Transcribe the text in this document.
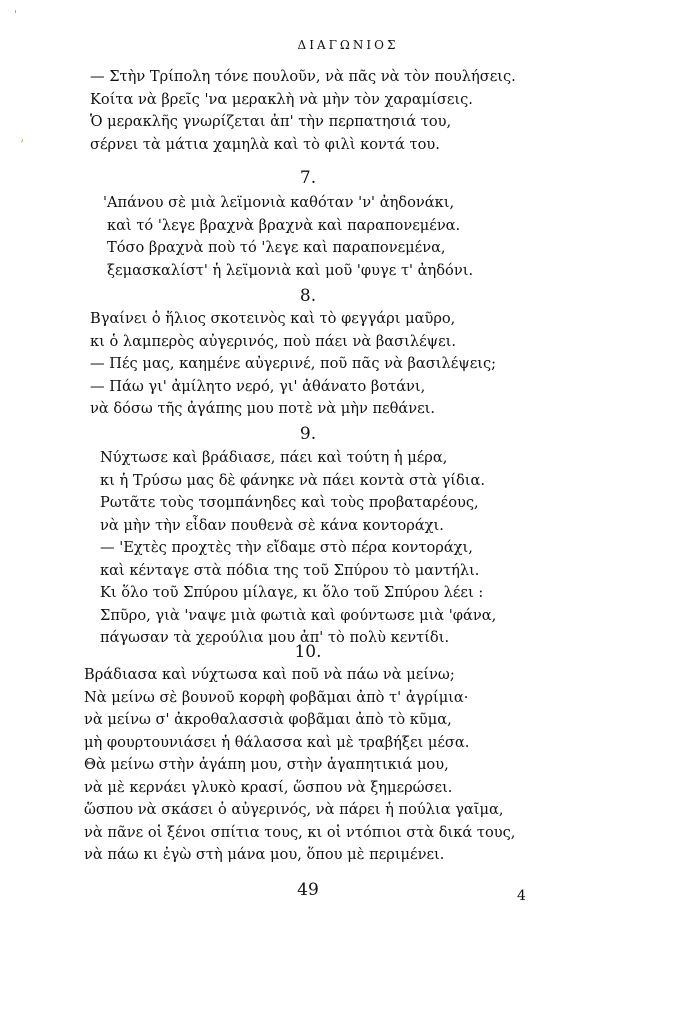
'
’
ΔΙΑΓΩΝΙΟΣ
— Στὴν Τρίπολη τόνε πουλοῦν, νὰ πᾶς νὰ τὸν πουλήσεις.
Κοίτα νὰ βρεῖς 'να μερακλὴ νὰ μὴν τὸν χαραμίσεις.
Ὁ μερακλῆς γνωρίζεται ἀπ' τὴν περπατησιά του,
σέρνει τὰ μάτια χαμηλὰ καὶ τὸ φιλὶ κοντά του.
7.
'Απάνου σὲ μιὰ λεϊμονιὰ καθόταν 'ν' ἀηδονάκι,
καὶ τό 'λεγε βραχνὰ βραχνὰ καὶ παραπονεμένα.
Τόσο βραχνὰ ποὺ τό 'λεγε καὶ παραπονεμένα,
ξεμασκαλίστ' ἡ λεϊμονιὰ καὶ μοῦ 'φυγε τ' ἀηδόνι.
8.
Βγαίνει ὁ ἥλιος σκοτεινὸς καὶ τὸ φεγγάρι μαῦρο,
κι ὁ λαμπερὸς αὐγερινός, ποὺ πάει νὰ βασιλέψει.
— Πές μας, καημένε αὐγερινέ, ποῦ πᾶς νὰ βασιλέψεις;
— Πάω γι' ἀμίλητο νερό, γι' ἀθάνατο βοτάνι,
νὰ δόσω τῆς ἀγάπης μου ποτὲ νὰ μὴν πεθάνει.
9.
Νύχτωσε καὶ βράδιασε, πάει καὶ τούτη ἡ μέρα,
κι ἡ Τρύσω μας δὲ φάνηκε νὰ πάει κοντὰ στὰ γίδια.
Ρωτᾶτε τοὺς τσομπάνηδες καὶ τοὺς προβαταρέους,
νὰ μὴν τὴν εἶδαν πουθενὰ σὲ κάνα κοντοράχι.
— 'Εχτὲς προχτὲς τὴν εἴδαμε στὸ πέρα κοντοράχι,
καὶ κένταγε στὰ πόδια της τοῦ Σπύρου τὸ μαντήλι.
Κι ὅλο τοῦ Σπύρου μίλαγε, κι ὅλο τοῦ Σπύρου λέει :
Σπῦρο, γιὰ 'ναψε μιὰ φωτιὰ καὶ φούντωσε μιὰ 'φάνα,
πάγωσαν τὰ χερούλια μου ἀπ' τὸ πολὺ κεντίδι.
10.
Βράδιασα καὶ νύχτωσα καὶ ποῦ νὰ πάω νὰ μείνω;
Νὰ μείνω σὲ βουνοῦ κορφὴ φοβᾶμαι ἀπὸ τ' ἀγρίμια·
νὰ μείνω σ' ἀκροθαλασσιὰ φοβᾶμαι ἀπὸ τὸ κῦμα,
μὴ φουρτουνιάσει ἡ θάλασσα καὶ μὲ τραβήξει μέσα.
Θὰ μείνω στὴν ἀγάπη μου, στὴν ἀγαπητικιά μου,
νὰ μὲ κερνάει γλυκὸ κρασί, ὥσπου νὰ ξημερώσει.
ὥσπου νὰ σκάσει ὁ αὐγερινός, νὰ πάρει ἡ πούλια γαῖμα,
νὰ πᾶνε οἱ ξένοι σπίτια τους, κι οἱ ντόπιοι στὰ δικά τους,
νὰ πάω κι ἐγὼ στὴ μάνα μου, ὅπου μὲ περιμένει.
49	4
